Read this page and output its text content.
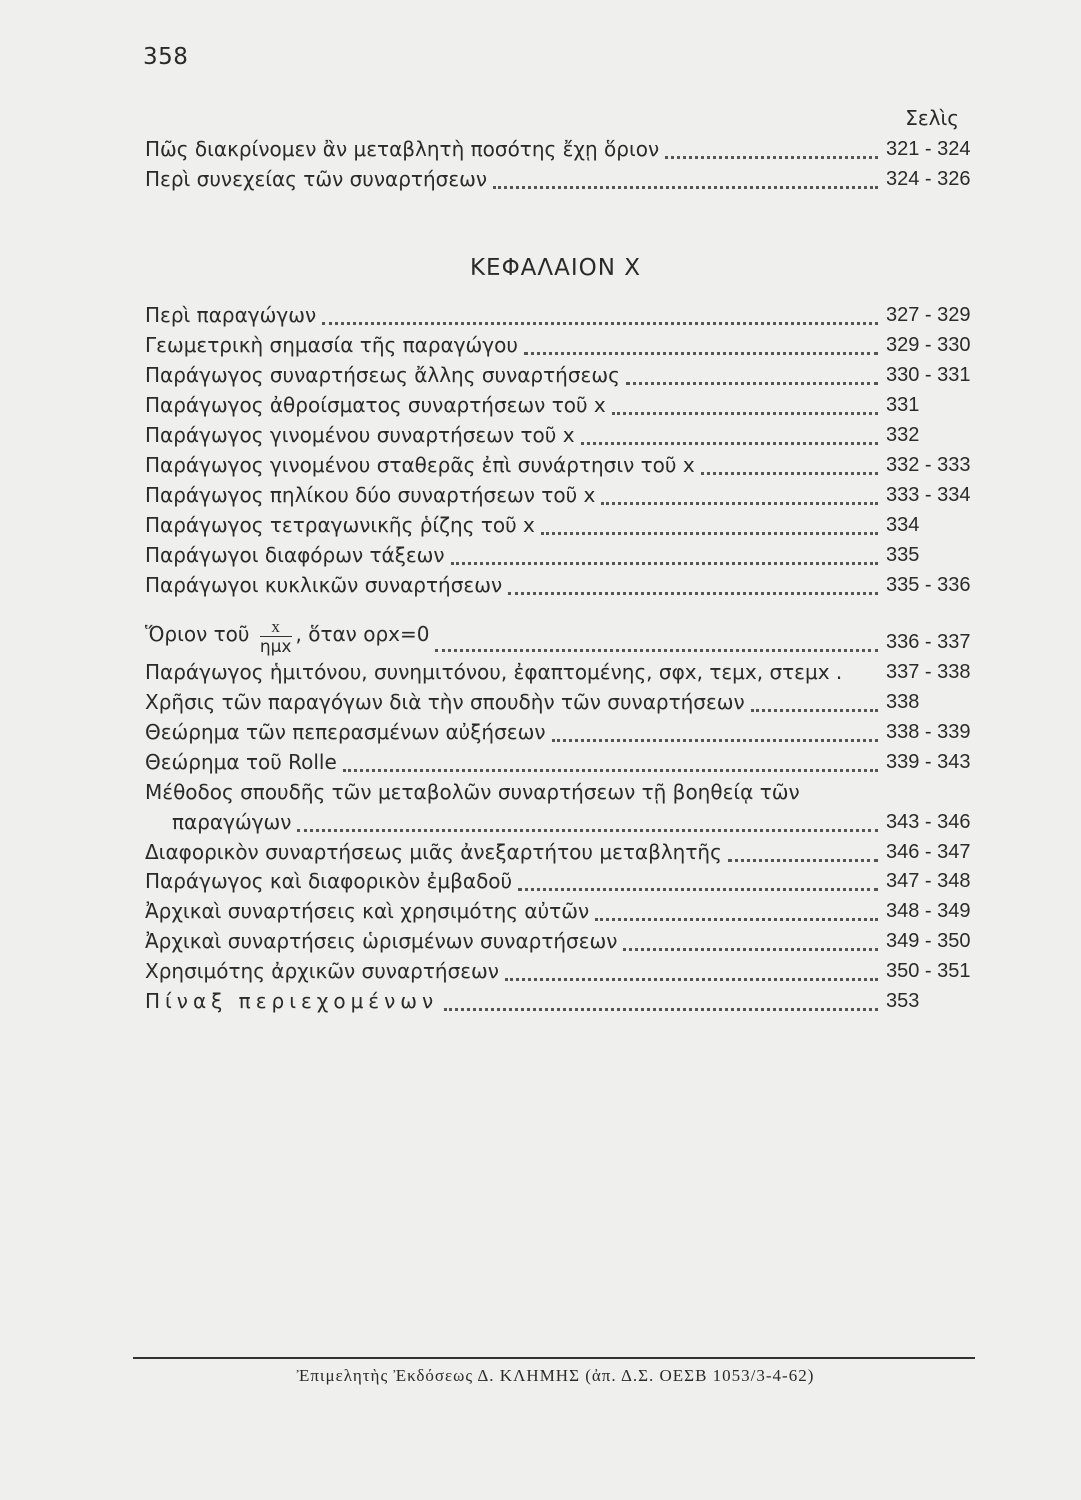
358
Σελὶς
Πῶς διακρίνομεν ἂν μεταβλητὴ ποσότης ἔχῃ ὅριον	321 - 324
Περὶ συνεχείας τῶν συναρτήσεων	324 - 326
ΚΕΦΑΛΑΙΟΝ X
Περὶ παραγώγων	327 - 329
Γεωμετρικὴ σημασία τῆς παραγώγου	329 - 330
Παράγωγος συναρτήσεως ἄλλης συναρτήσεως	330 - 331
Παράγωγος ἀθροίσματος συναρτήσεων τοῦ x	331
Παράγωγος γινομένου συναρτήσεων τοῦ x	332
Παράγωγος γινομένου σταθερᾶς ἐπὶ συνάρτησιν τοῦ x	332 - 333
Παράγωγος πηλίκου δύο συναρτήσεων τοῦ x	333 - 334
Παράγωγος τετραγωνικῆς ῥίζης τοῦ x	334
Παράγωγοι διαφόρων τάξεων	335
Παράγωγοι κυκλικῶν συναρτήσεων	335 - 336
Ὅριον τοῦ $\frac{x}{\text{ημx}}$ , ὅταν ορx=0	336 - 337
Παράγωγος ἡμιτόνου, συνημιτόνου, ἐφαπτομένης, σφx, τεμx, στεμx . 337 - 338
Χρῆσις τῶν παραγόγων διὰ τὴν σπουδὴν τῶν συναρτήσεων	338
Θεώρημα τῶν πεπερασμένων αὐξήσεων	338 - 339
Θεώρημα τοῦ Rolle	339 - 343
Μέθοδος σπουδῆς τῶν μεταβολῶν συναρτήσεων τῇ βοηθείᾳ τῶν
παραγώγων	343 - 346
Διαφορικὸν συναρτήσεως μιᾶς ἀνεξαρτήτου μεταβλητῆς	346 - 347
Παράγωγος καὶ διαφορικὸν ἐμβαδοῦ	347 - 348
Ἀρχικαὶ συναρτήσεις καὶ χρησιμότης αὐτῶν	348 - 349
Ἀρχικαὶ συναρτήσεις ὡρισμένων συναρτήσεων	349 - 350
Χρησιμότης ἀρχικῶν συναρτήσεων	350 - 351
Πίναξ περιεχομένων	353
Ἐπιμελητὴς Ἐκδόσεως Δ. ΚΛΗΜΗΣ (ἀπ. Δ.Σ. ΟΕΣΒ 1053/3-4-62)
